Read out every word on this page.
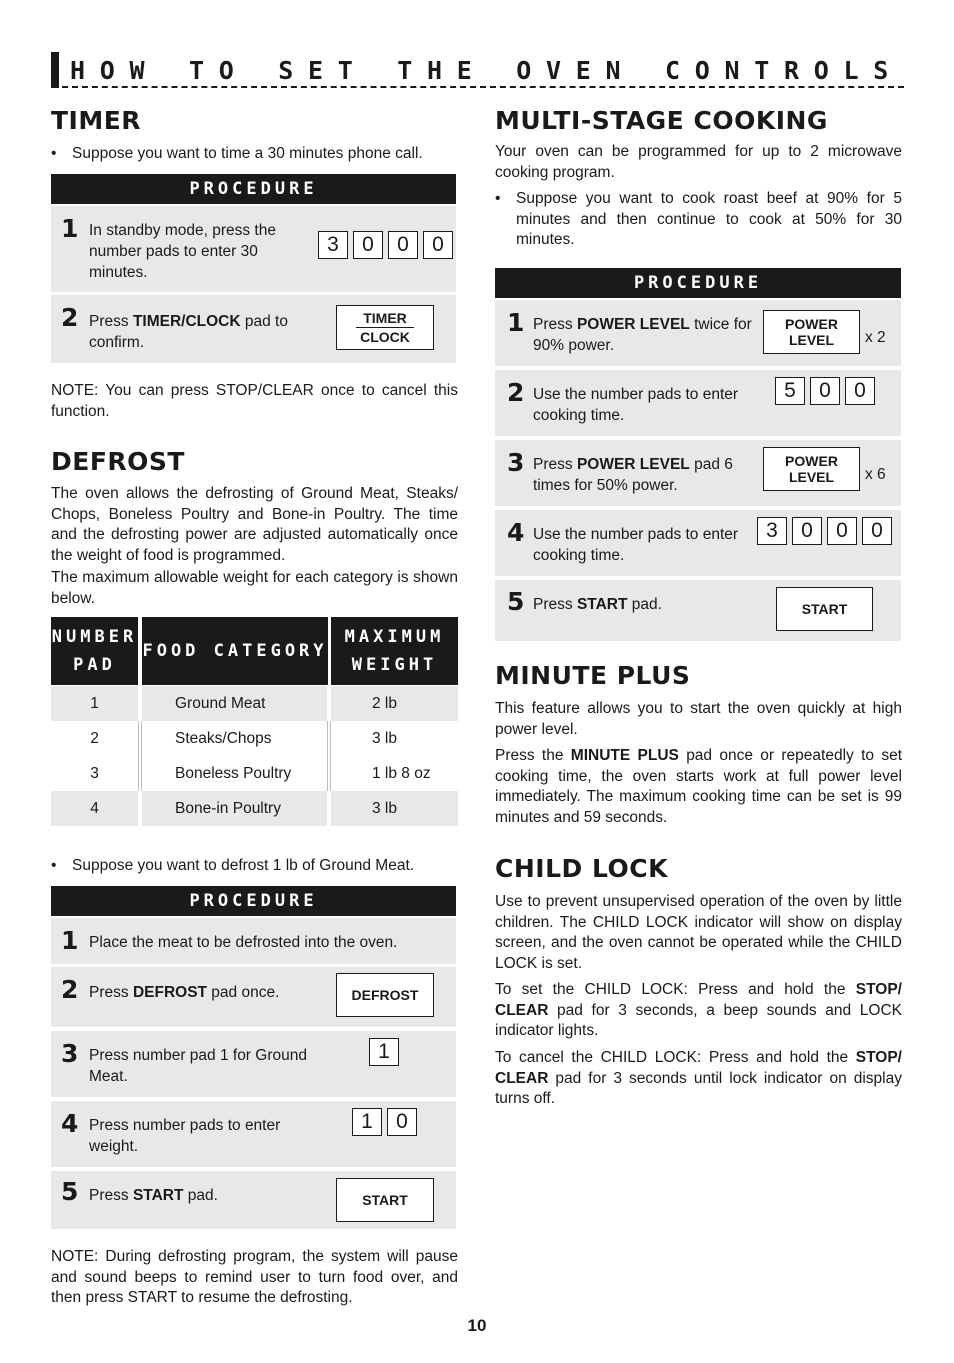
HOW TO SET THE OVEN CONTROLS
TIMER
• Suppose you want to time a 30 minutes phone call.
PROCEDURE
1 In standby mode, press the number pads to enter 30 minutes.
3	0	0	0
2 Press TIMER/CLOCK pad to confirm.
TIMER
CLOCK
NOTE: You can press STOP/CLEAR once to cancel this function.
DEFROST
The oven allows the defrosting of Ground Meat, Steaks/ Chops, Boneless Poultry and Bone-in Poultry. The time and the defrosting power are adjusted automatically once the weight of food is programmed.
The maximum allowable weight for each category is shown below.
NUMBER
PAD
FOOD CATEGORY
MAXIMUM
WEIGHT
1	Ground Meat	2 lb
2	Steaks/Chops	3 lb
3	Boneless Poultry	1 lb 8 oz
4	Bone-in Poultry	3 lb
• Suppose you want to defrost 1 lb of Ground Meat.
PROCEDURE
1 Place the meat to be defrosted into the oven.
2 Press DEFROST pad once.	DEFROST
3 Press number pad 1 for Ground Meat.
1
4 Press number pads to enter weight.
1	0
5 Press START pad.	START
NOTE: During defrosting program, the system will pause and sound beeps to remind user to turn food over, and then press START to resume the defrosting.
MULTI-STAGE COOKING
Your oven can be programmed for up to 2 microwave cooking program.
• Suppose you want to cook roast beef at 90% for 5 minutes and then continue to cook at 50% for 30 minutes.
PROCEDURE
1 Press POWER LEVEL twice for 90% power.
POWER
LEVEL x 2
2 Use the number pads to enter cooking time.
5	0	0
3 Press POWER LEVEL pad 6 times for 50% power.
POWER
LEVEL x 6
4 Use the number pads to enter cooking time.
3	0	0	0
5 Press START pad.	START
MINUTE PLUS
This feature allows you to start the oven quickly at high power level.
Press the MINUTE PLUS pad once or repeatedly to set cooking time, the oven starts work at full power level immediately. The maximum cooking time can be set is 99 minutes and 59 seconds.
CHILD LOCK
Use to prevent unsupervised operation of the oven by little children. The CHILD LOCK indicator will show on display screen, and the oven cannot be operated while the CHILD LOCK is set.
To set the CHILD LOCK: Press and hold the STOP/ CLEAR pad for 3 seconds, a beep sounds and LOCK indicator lights.
To cancel the CHILD LOCK: Press and hold the STOP/ CLEAR pad for 3 seconds until lock indicator on display turns off.
10
